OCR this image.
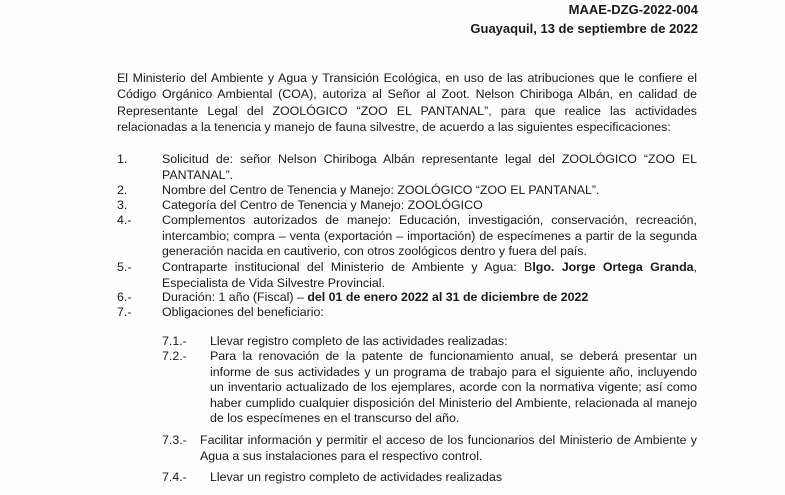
MAAE-DZG-2022-004
Guayaquil, 13 de septiembre de 2022
El Ministerio del Ambiente y Agua y Transición Ecológica, en uso de las atribuciones que le confiere el Código Orgánico Ambiental (COA), autoriza al Señor al Zoot. Nelson Chiriboga Albán, en calidad de Representante Legal del ZOOLÓGICO “ZOO EL PANTANAL”, para que realice las actividades relacionadas a la tenencia y manejo de fauna silvestre, de acuerdo a las siguientes especificaciones:
1.	Solicitud de: señor Nelson Chiriboga Albán representante legal del ZOOLÓGICO “ZOO EL PANTANAL”.
2.	Nombre del Centro de Tenencia y Manejo: ZOOLÓGICO “ZOO EL PANTANAL”.
3.	Categoría del Centro de Tenencia y Manejo: ZOOLÓGICO
4.- Complementos autorizados de manejo: Educación, investigación, conservación, recreación, intercambio; compra – venta (exportación – importación) de especímenes a partir de la segunda generación nacida en cautiverio, con otros zoológicos dentro y fuera del país.
5.- Contraparte institucional del Ministerio de Ambiente y Agua: Blgo. Jorge Ortega Granda, Especialista de Vida Silvestre Provincial.
6.- Duración: 1 año (Fiscal) – del 01 de enero 2022 al 31 de diciembre de 2022
7.- Obligaciones del beneficiario:
7.1.- Llevar registro completo de las actividades realizadas:
7.2.- Para la renovación de la patente de funcionamiento anual, se deberá presentar un informe de sus actividades y un programa de trabajo para el siguiente año, incluyendo un inventario actualizado de los ejemplares, acorde con la normativa vigente; así como haber cumplido cualquier disposición del Ministerio del Ambiente, relacionada al manejo de los especímenes en el transcurso del año.
7.3.- Facilitar información y permitir el acceso de los funcionarios del Ministerio de Ambiente y Agua a sus instalaciones para el respectivo control.
7.4.- Llevar un registro completo de actividades realizadas
